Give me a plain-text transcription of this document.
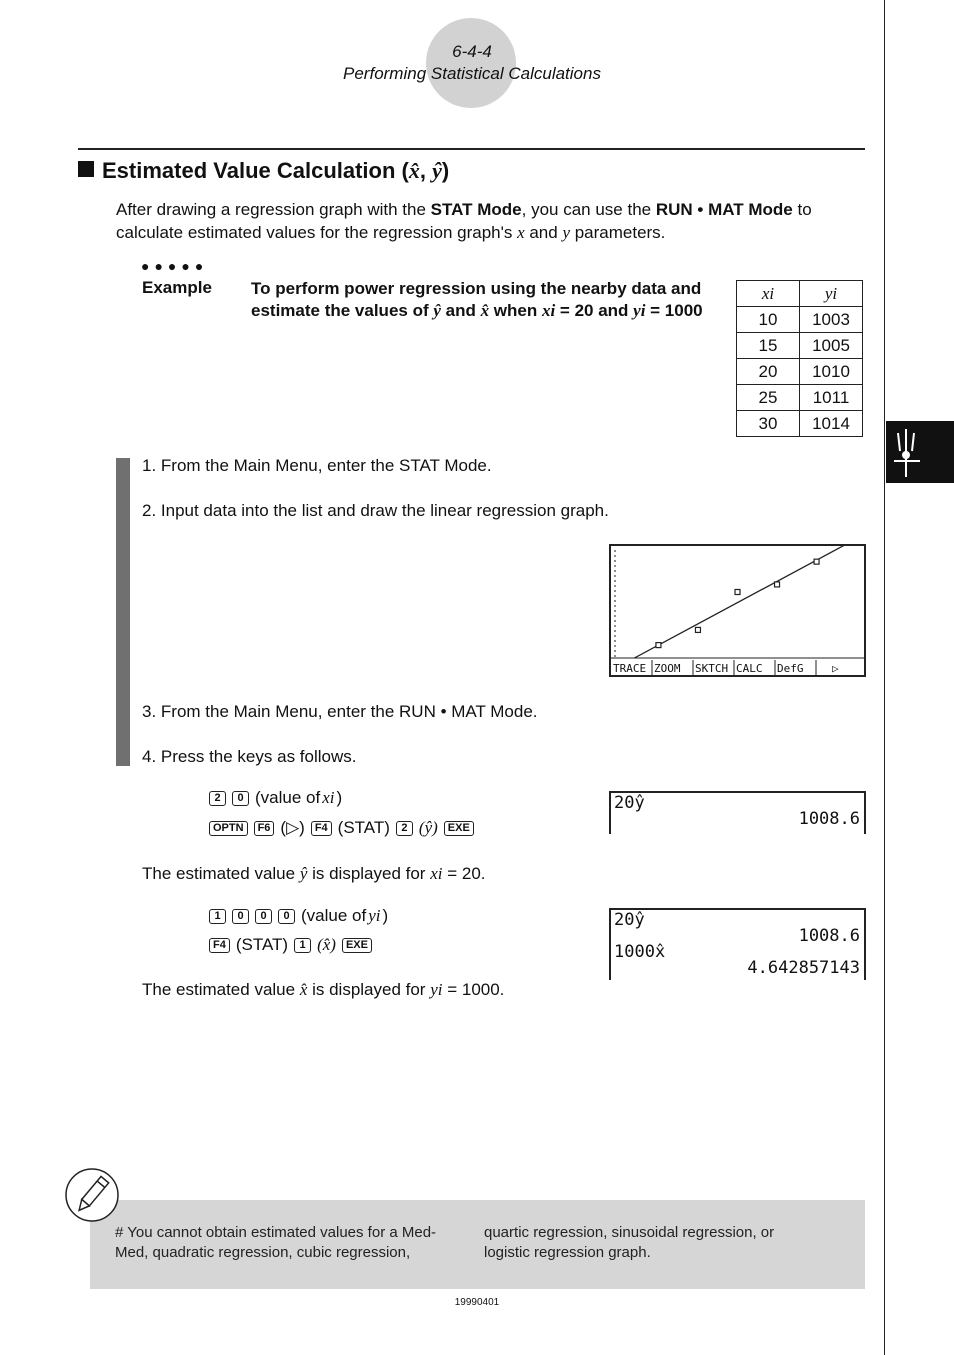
6-4-4
Performing Statistical Calculations
Estimated Value Calculation (x̂, ŷ)
After drawing a regression graph with the STAT Mode, you can use the RUN • MAT Mode to calculate estimated values for the regression graph's x and y parameters.
●●●●●
Example To perform power regression using the nearby data and estimate the values of ŷ and x̂ when xi = 20 and yi = 1000
xi	yi
10	1003
15	1005
20	1010
25	1011
30	1014
1. From the Main Menu, enter the STAT Mode.
2. Input data into the list and draw the linear regression graph.
3. From the Main Menu, enter the RUN • MAT Mode.
4. Press the keys as follows.
TRACE ZOOM SKTCH CALC DefG	▷
2	0 (value of xi )
OPTN	F6 (▷) F4 (STAT)	2 (ŷ) EXE
20ŷ
1008.6
The estimated value ŷ is displayed for xi = 20.
1	0	0	0 (value of yi )
F4 (STAT)	1 (x̂) EXE
20ŷ
1008.6
1000x̂
4.642857143
The estimated value x̂ is displayed for yi = 1000.
# You cannot obtain estimated values for a Med-Med, quadratic regression, cubic regression,
quartic regression, sinusoidal regression, or logistic regression graph.
19990401
